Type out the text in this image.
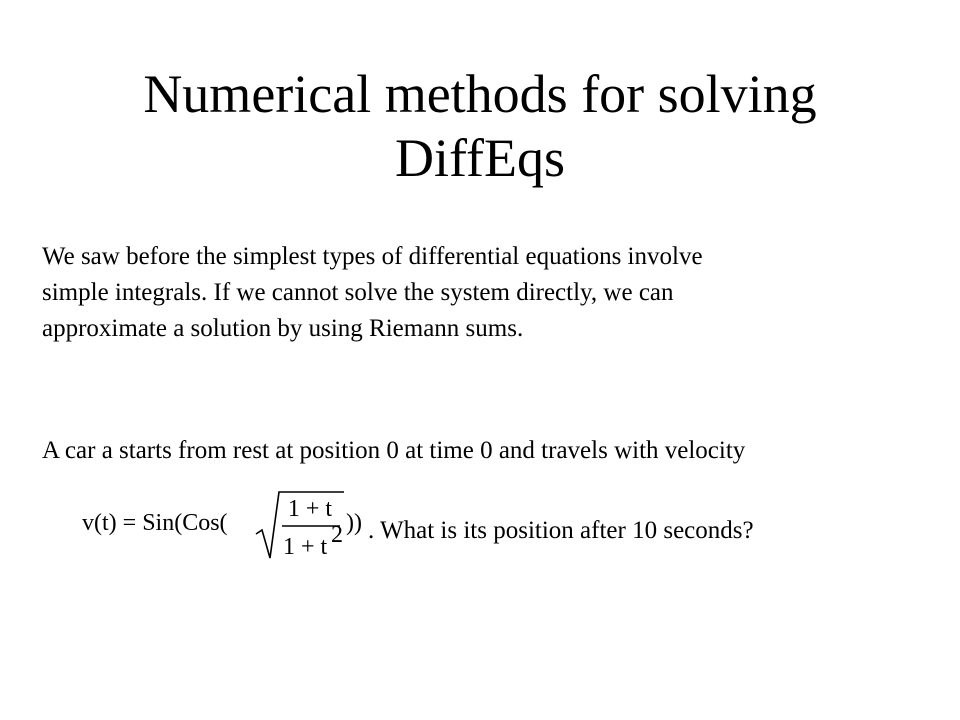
Numerical methods for solving
DiffEqs

We saw before the simplest types of differential equations involve
simple integrals. If we cannot solve the system directly, we can
approximate a solution by using Riemann sums.

A car a starts from rest at position 0 at time 0 and travels with velocity

v(t) = Sin(Cos(
1 + t
1 + t 2 )) . What is its position after 10 seconds?
